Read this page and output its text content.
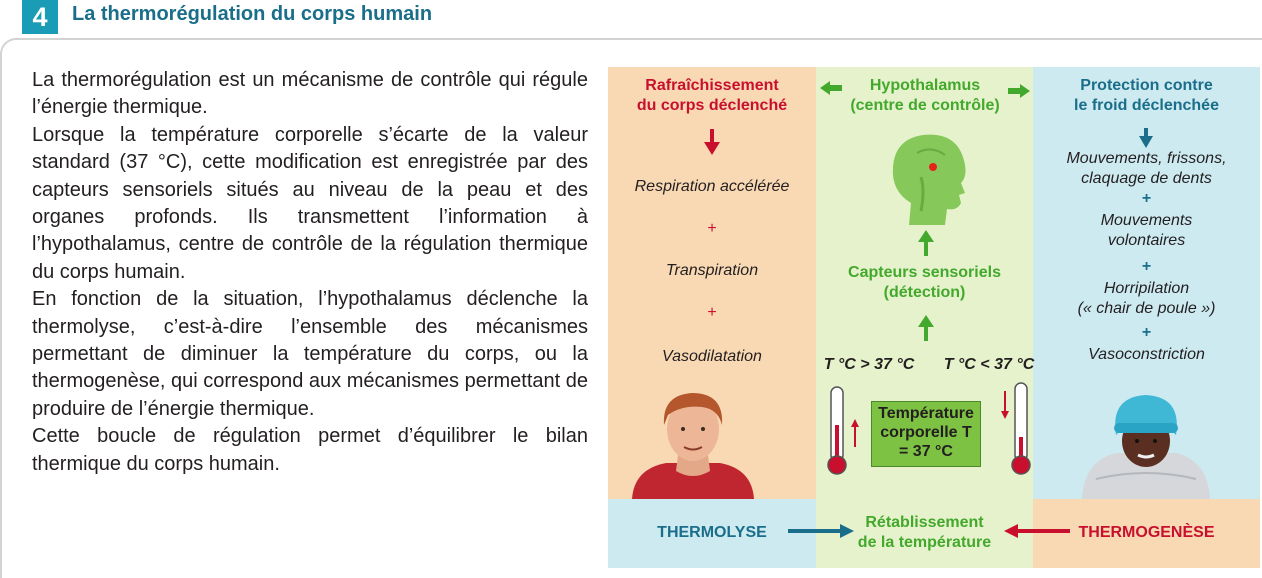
4	La thermorégulation du corps humain

La thermorégulation est un mécanisme de contrôle qui régule l’énergie thermique.

Lorsque la température corporelle s’écarte de la valeur standard (37 °C), cette modification est enregistrée par des capteurs sensoriels situés au niveau de la peau et des organes profonds. Ils transmettent l’information à l’hypothalamus, centre de contrôle de la régulation thermique du corps humain.

En fonction de la situation, l’hypothalamus déclenche la thermolyse, c’est-à-dire l’ensemble des mécanismes permettant de diminuer la température du corps, ou la thermogenèse, qui correspond aux mécanismes permettant de produire de l’énergie thermique.

Cette boucle de régulation permet d’équilibrer le bilan thermique du corps humain.

Rafraîchissement
du corps déclenché
Respiration accélérée
+
Transpiration
+
Vasodilatation
Hypothalamus
(centre de contrôle)
Capteurs sensoriels
(détection)
T °C > 37 °C	T °C < 37 °C
Température
corporelle T
= 37 °C
Protection contre
le froid déclenchée
Mouvements, frissons,
claquage de dents
+
Mouvements
volontaires
+
Horripilation
(« chair de poule »)
+
Vasoconstriction
THERMOLYSE
Rétablissement
de la température
THERMOGENÈSE
